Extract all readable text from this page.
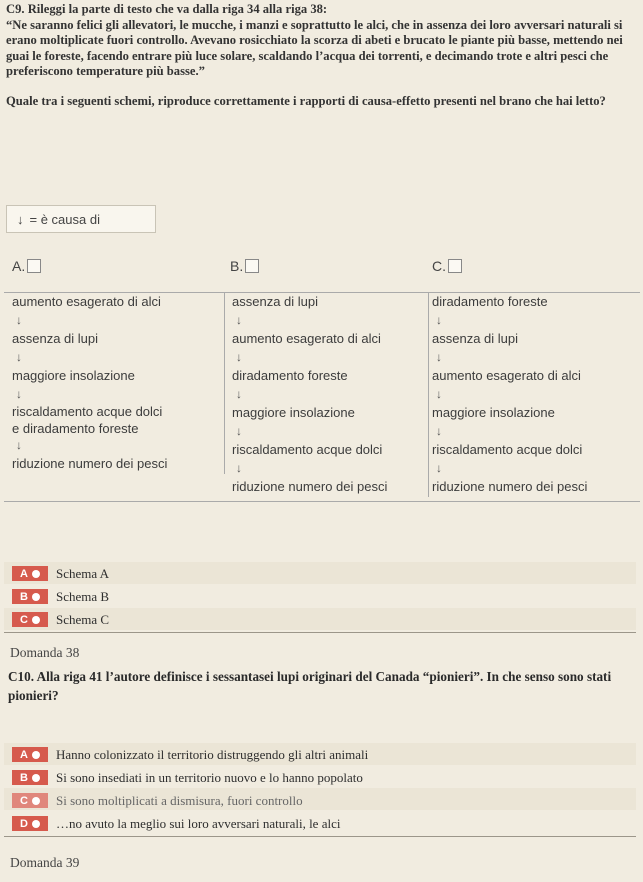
C9. Rileggi la parte di testo che va dalla riga 34 alla riga 38:
“Ne saranno felici gli allevatori, le mucche, i manzi e soprattutto le alci, che in assenza dei loro avversari naturali si erano moltiplicate fuori controllo. Avevano rosicchiato la scorza di abeti e brucato le piante più basse, mettendo nei guai le foreste, facendo entrare più luce solare, scaldando l’acqua dei torrenti, e decimando trote e altri pesci che preferiscono temperature più basse.”
Quale tra i seguenti schemi, riproduce correttamente i rapporti di causa-effetto presenti nel brano che hai letto?
↓ = è causa di
A.	B.	C.
aumento esagerato di alci
↓
assenza di lupi
↓
maggiore insolazione
↓
riscaldamento acque dolci
e diradamento foreste
↓
riduzione numero dei pesci
assenza di lupi
↓
aumento esagerato di alci
↓
diradamento foreste
↓
maggiore insolazione
↓
riscaldamento acque dolci
↓
riduzione numero dei pesci
diradamento foreste
↓
assenza di lupi
↓
aumento esagerato di alci
↓
maggiore insolazione
↓
riscaldamento acque dolci
↓
riduzione numero dei pesci
A Schema A
B Schema B
C Schema C
Domanda 38
C10. Alla riga 41 l’autore definisce i sessantasei lupi originari del Canada “pionieri”. In che senso sono stati pionieri?
A Hanno colonizzato il territorio distruggendo gli altri animali
B Si sono insediati in un territorio nuovo e lo hanno popolato
C Si sono moltiplicati a dismisura, fuori controllo
D …no avuto la meglio sui loro avversari naturali, le alci
Domanda 39
